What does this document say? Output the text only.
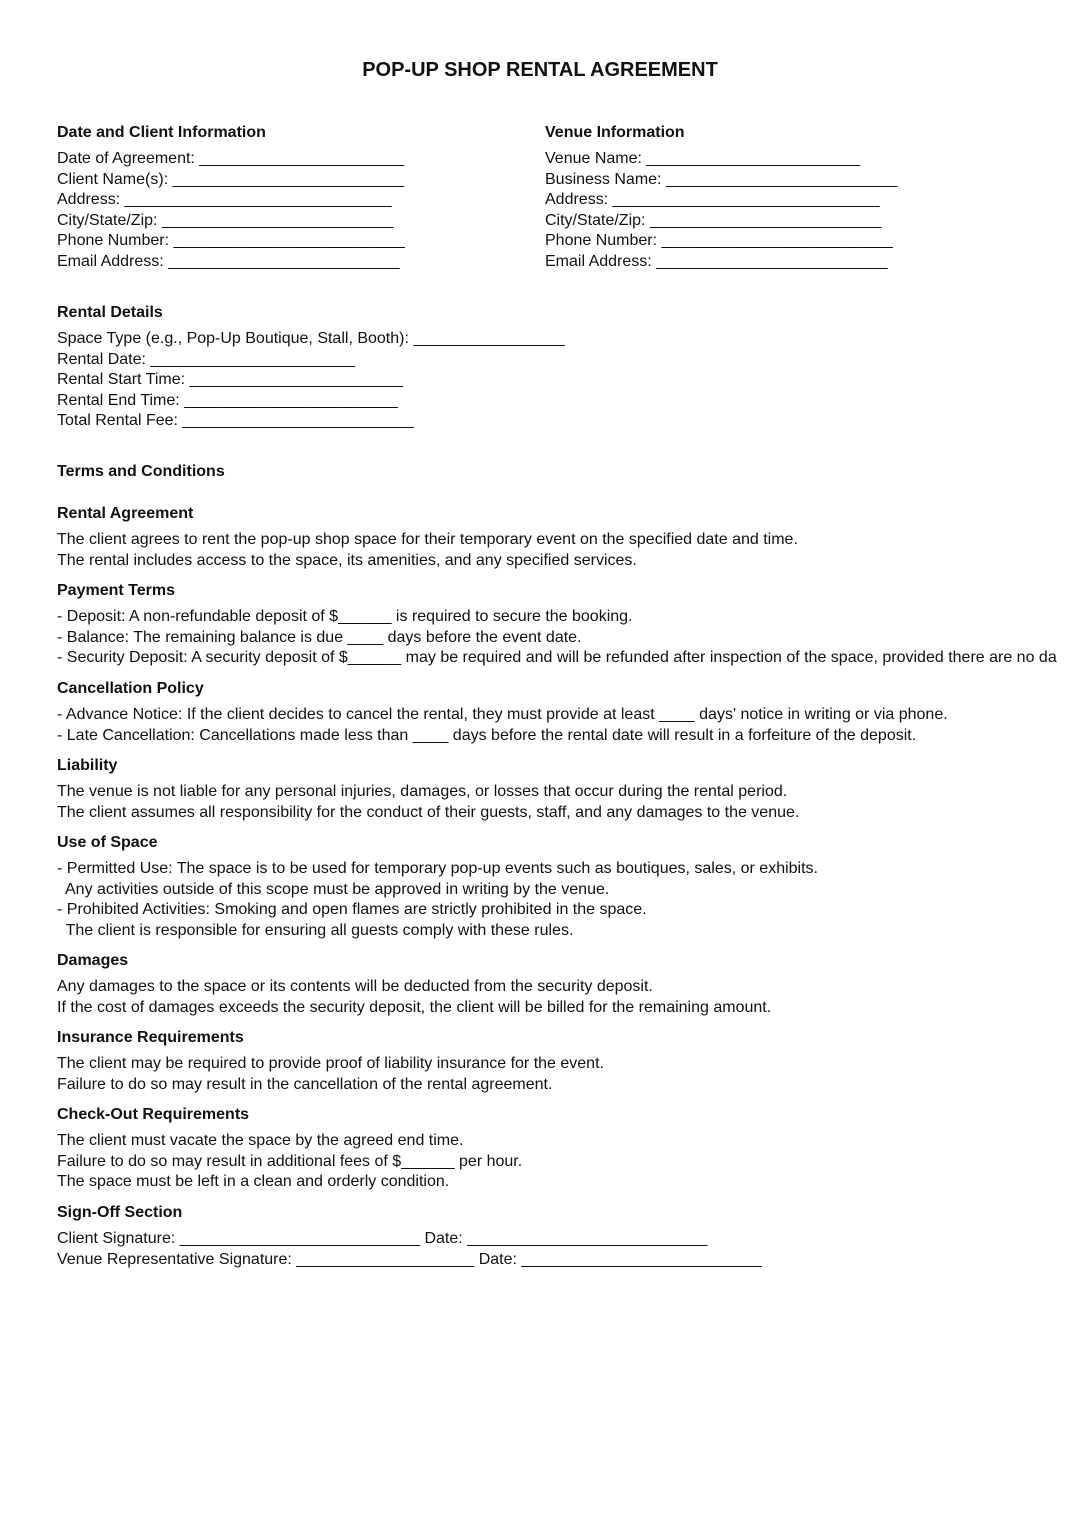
POP-UP SHOP RENTAL AGREEMENT
Date and Client Information
Date of Agreement: _______________________
Client Name(s): __________________________
Address: ______________________________
City/State/Zip: __________________________
Phone Number: __________________________
Email Address: __________________________
Venue Information
Venue Name: ________________________
Business Name: __________________________
Address: ______________________________
City/State/Zip: __________________________
Phone Number: __________________________
Email Address: __________________________
Rental Details
Space Type (e.g., Pop-Up Boutique, Stall, Booth): _________________
Rental Date: _______________________
Rental Start Time: ________________________
Rental End Time: ________________________
Total Rental Fee: __________________________
Terms and Conditions
Rental Agreement
The client agrees to rent the pop-up shop space for their temporary event on the specified date and time.
The rental includes access to the space, its amenities, and any specified services.
Payment Terms
- Deposit: A non-refundable deposit of $______ is required to secure the booking.
- Balance: The remaining balance is due ____ days before the event date.
- Security Deposit: A security deposit of $______ may be required and will be refunded after inspection of the space, provided there are no da
Cancellation Policy
- Advance Notice: If the client decides to cancel the rental, they must provide at least ____ days' notice in writing or via phone.
- Late Cancellation: Cancellations made less than ____ days before the rental date will result in a forfeiture of the deposit.
Liability
The venue is not liable for any personal injuries, damages, or losses that occur during the rental period.
The client assumes all responsibility for the conduct of their guests, staff, and any damages to the venue.
Use of Space
- Permitted Use: The space is to be used for temporary pop-up events such as boutiques, sales, or exhibits.
Any activities outside of this scope must be approved in writing by the venue.
- Prohibited Activities: Smoking and open flames are strictly prohibited in the space.
The client is responsible for ensuring all guests comply with these rules.
Damages
Any damages to the space or its contents will be deducted from the security deposit.
If the cost of damages exceeds the security deposit, the client will be billed for the remaining amount.
Insurance Requirements
The client may be required to provide proof of liability insurance for the event.
Failure to do so may result in the cancellation of the rental agreement.
Check-Out Requirements
The client must vacate the space by the agreed end time.
Failure to do so may result in additional fees of $______ per hour.
The space must be left in a clean and orderly condition.
Sign-Off Section
Client Signature: ___________________________ Date: ___________________________
Venue Representative Signature: ____________________ Date: ___________________________
